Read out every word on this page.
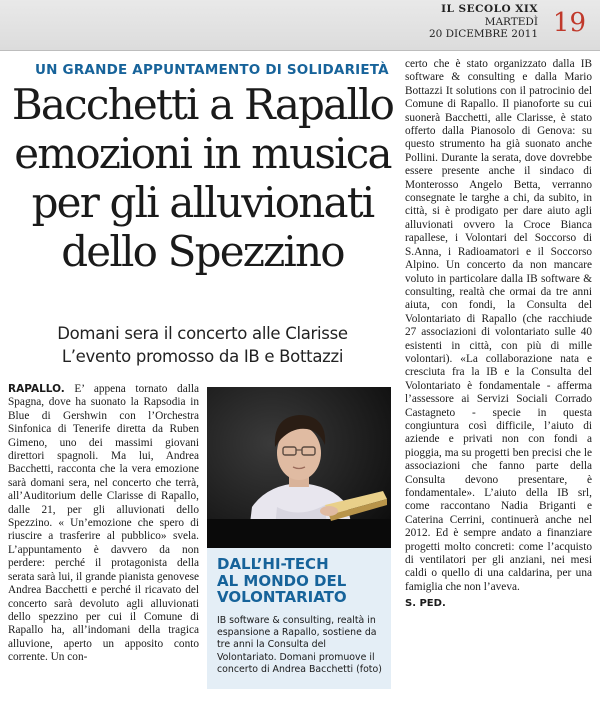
IL SECOLO XIX
MARTEDÌ
20 DICEMBRE 2011 19
UN GRANDE APPUNTAMENTO DI SOLIDARIETÀ
Bacchetti a Rapallo
emozioni in musica
per gli alluvionati
dello Spezzino
Domani sera il concerto alle Clarisse
L’evento promosso da IB e Bottazzi
RAPALLO. E’ appena tornato dalla Spagna, dove ha suonato la Rapsodia in Blue di Gershwin con l’Orchestra Sinfonica di Tenerife diretta da Ruben Gimeno, uno dei massimi giovani direttori spagnoli. Ma lui, Andrea Bacchetti, racconta che la vera emozione sarà domani sera, nel concerto che terrà, all’Auditorium delle Clarisse di Rapallo, dalle 21, per gli alluvionati dello Spezzino. « Un’emozione che spero di riuscire a trasferire al pubblico» svela. L’appuntamento è davvero da non perdere: perché il protagonista della serata sarà lui, il grande pianista genovese Andrea Bacchetti e perché il ricavato del concerto sarà devoluto agli alluvionati dello spezzino per cui il Comune di Rapallo ha, all’indomani della tragica alluvione, aperto un apposito conto corrente. Un con-
DALL’HI-TECH
AL MONDO DEL
VOLONTARIATO
IB software & consulting, realtà in espansione a Rapallo, sostiene da tre anni la Consulta del Volontariato. Domani promuove il concerto di Andrea Bacchetti (foto)
certo che è stato organizzato dalla IB software & consulting e dalla Mario Bottazzi It solutions con il patrocinio del Comune di Rapallo. Il pianoforte su cui suonerà Bacchetti, alle Clarisse, è stato offerto dalla Pianosolo di Genova: su questo strumento ha già suonato anche Pollini. Durante la serata, dove dovrebbe essere presente anche il sindaco di Monterosso Angelo Betta, verranno consegnate le targhe a chi, da subito, in città, si è prodigato per dare aiuto agli alluvionati ovvero la Croce Bianca rapallese, i Volontari del Soccorso di S.Anna, i Radioamatori e il Soccorso Alpino. Un concerto da non mancare voluto in particolare dalla IB software & consulting, realtà che ormai da tre anni aiuta, con fondi, la Consulta del Volontariato di Rapallo (che racchiude 27 associazioni di volontariato sulle 40 esistenti in città, con più di mille volontari). «La collaborazione nata e cresciuta fra la IB e la Consulta del Volontariato è fondamentale - afferma l’assessore ai Servizi Sociali Corrado Castagneto - specie in questa congiuntura così difficile, l’aiuto di aziende e privati non con fondi a pioggia, ma su progetti ben precisi che le associazioni che fanno parte della Consulta devono presentare, è fondamentale». L’aiuto della IB srl, come raccontano Nadia Briganti e Caterina Cerrini, continuerà anche nel 2012. Ed è sempre andato a finanziare progetti molto concreti: come l’acquisto di ventilatori per gli anziani, nei mesi caldi o quello di una caldarina, per una famiglia che non l’aveva.
S. PED.
